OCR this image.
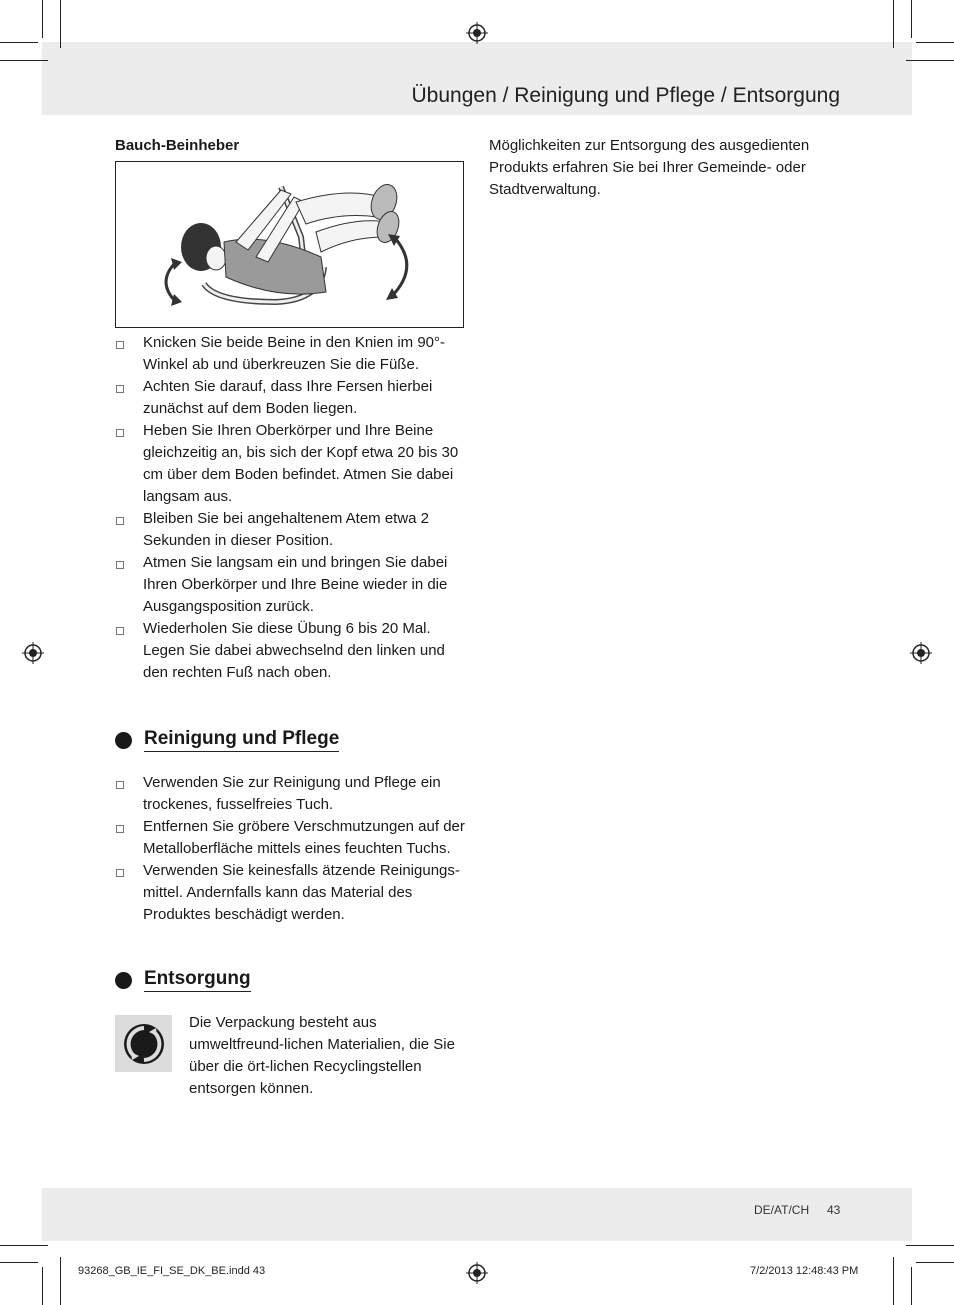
Übungen / Reinigung und Pflege / Entsorgung
DE/AT/CH 43
93268_GB_IE_FI_SE_DK_BE.indd 43	7/2/2013 12:48:43 PM

Bauch-Beinheber

Knicken Sie beide Beine in den Knien im 90°-Winkel ab und überkreuzen Sie die Füße.
Achten Sie darauf, dass Ihre Fersen hierbei zunächst auf dem Boden liegen.
Heben Sie Ihren Oberkörper und Ihre Beine gleichzeitig an, bis sich der Kopf etwa 20 bis 30 cm über dem Boden befindet. Atmen Sie dabei langsam aus.
Bleiben Sie bei angehaltenem Atem etwa 2 Sekunden in dieser Position.
Atmen Sie langsam ein und bringen Sie dabei Ihren Oberkörper und Ihre Beine wieder in die Ausgangsposition zurück.
Wiederholen Sie diese Übung 6 bis 20 Mal. Legen Sie dabei abwechselnd den linken und den rechten Fuß nach oben.
Reinigung und Pflege
Verwenden Sie zur Reinigung und Pflege ein trockenes, fusselfreies Tuch.
Entfernen Sie gröbere Verschmutzungen auf der Metalloberfläche mittels eines feuchten Tuchs.
Verwenden Sie keinesfalls ätzende Reinigungs-mittel. Andernfalls kann das Material des Produktes beschädigt werden.
Entsorgung
Die Verpackung besteht aus umweltfreund-lichen Materialien, die Sie über die ört-lichen Recyclingstellen entsorgen können.
Möglichkeiten zur Entsorgung des ausgedienten Produkts erfahren Sie bei Ihrer Gemeinde- oder Stadtverwaltung.
